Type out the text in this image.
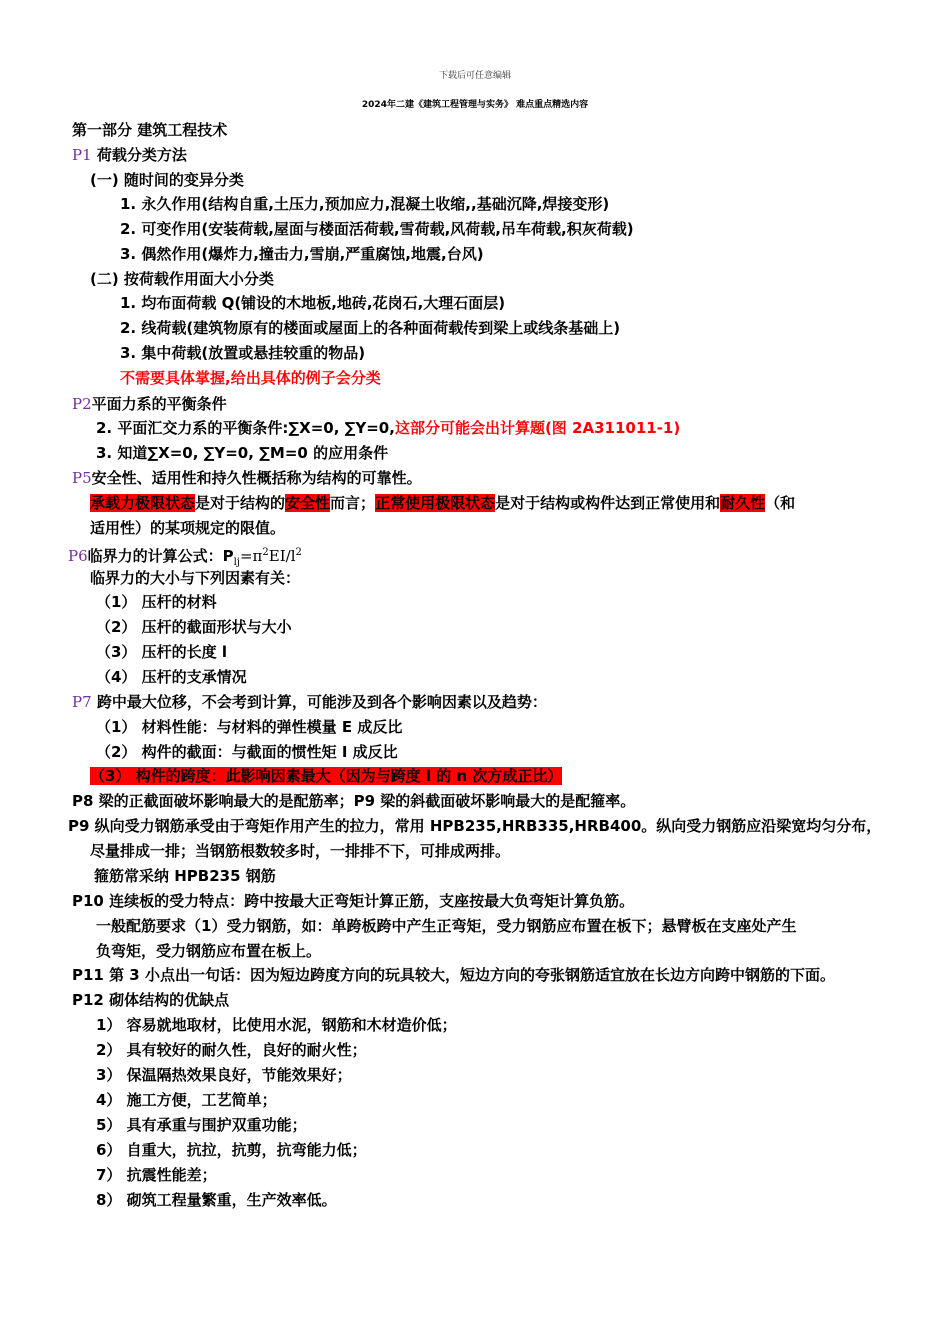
下载后可任意编辑
2024年二建《建筑工程管理与实务》 难点重点精选内容
第一部分 建筑工程技术
P1 荷载分类方法
(一) 随时间的变异分类
1. 永久作用(结构自重,土压力,预加应力,混凝土收缩,,基础沉降,焊接变形)
2. 可变作用(安装荷载,屋面与楼面活荷载,雪荷载,风荷载,吊车荷载,积灰荷载)
3. 偶然作用(爆炸力,撞击力,雪崩,严重腐蚀,地震,台风)
(二) 按荷载作用面大小分类
1. 均布面荷载 Q(铺设的木地板,地砖,花岗石,大理石面层)
2. 线荷载(建筑物原有的楼面或屋面上的各种面荷载传到梁上或线条基础上)
3. 集中荷载(放置或悬挂较重的物品)
不需要具体掌握,给出具体的例子会分类
P2平面力系的平衡条件
2. 平面汇交力系的平衡条件:∑X=0, ∑Y=0,这部分可能会出计算题(图 2A311011-1)
3. 知道∑X=0, ∑Y=0, ∑M=0 的应用条件
P5安全性、适用性和持久性概括称为结构的可靠性。
承载力极限状态是对于结构的安全性而言；正常使用极限状态是对于结构或构件达到正常使用和耐久性（和
适用性）的某项规定的限值。
P6临界力的计算公式：$P_{lj}=\pi^2EI/l^2$
临界力的大小与下列因素有关：
（1） 压杆的材料
（2） 压杆的截面形状与大小
（3） 压杆的长度 l
（4） 压杆的支承情况
P7 跨中最大位移，不会考到计算，可能涉及到各个影响因素以及趋势：
（1） 材料性能：与材料的弹性模量 E 成反比
（2） 构件的截面：与截面的惯性矩 I 成反比
（3） 构件的跨度：此影响因素最大（因为与跨度 l 的 n 次方成正比）
P8 梁的正截面破坏影响最大的是配筋率；P9 梁的斜截面破坏影响最大的是配箍率。
P9 纵向受力钢筋承受由于弯矩作用产生的拉力，常用 HPB235,HRB335,HRB400。纵向受力钢筋应沿梁宽均匀分布，
尽量排成一排；当钢筋根数较多时，一排排不下，可排成两排。
箍筋常采纳 HPB235 钢筋
P10 连续板的受力特点：跨中按最大正弯矩计算正筋，支座按最大负弯矩计算负筋。
一般配筋要求（1）受力钢筋，如：单跨板跨中产生正弯矩，受力钢筋应布置在板下；悬臂板在支座处产生
负弯矩，受力钢筋应布置在板上。
P11 第 3 小点出一句话：因为短边跨度方向的玩具较大，短边方向的夸张钢筋适宜放在长边方向跨中钢筋的下面。
P12 砌体结构的优缺点
1） 容易就地取材，比使用水泥，钢筋和木材造价低；
2） 具有较好的耐久性，良好的耐火性；
3） 保温隔热效果良好，节能效果好；
4） 施工方便，工艺简单；
5） 具有承重与围护双重功能；
6） 自重大，抗拉，抗剪，抗弯能力低；
7） 抗震性能差；
8） 砌筑工程量繁重，生产效率低。
